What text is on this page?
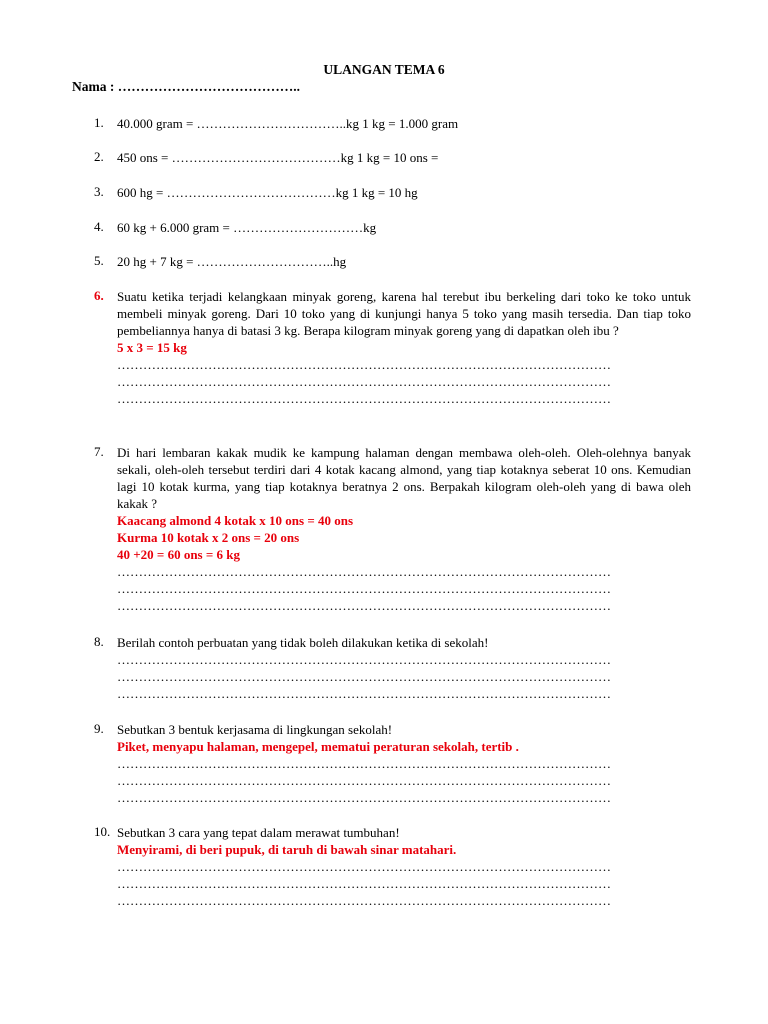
ULANGAN TEMA 6
Nama : …………………………………..
1.	40.000 gram = ……………………………..kg 1 kg = 1.000 gram
2.	450 ons = …………………………………kg 1 kg = 10 ons =
3.	600 hg = …………………………………kg 1 kg = 10 hg
4.	60 kg + 6.000 gram = …………………………kg
5.	20 hg + 7 kg = …………………………..hg
6.	Suatu ketika terjadi kelangkaan minyak goreng, karena hal terebut ibu berkeling dari toko ke toko untuk membeli minyak goreng. Dari 10 toko yang di kunjungi hanya 5 toko yang masih tersedia. Dan tiap toko pembeliannya hanya di batasi 3 kg. Berapa kilogram minyak goreng yang di dapatkan oleh ibu ?
5 x 3 = 15 kg
……………………………………………………………………………………………………
……………………………………………………………………………………………………
……………………………………………………………………………………………………
7.	Di hari lembaran kakak mudik ke kampung halaman dengan membawa oleh-oleh. Oleh-olehnya banyak sekali, oleh-oleh tersebut terdiri dari 4 kotak kacang almond, yang tiap kotaknya seberat 10 ons. Kemudian lagi 10 kotak kurma, yang tiap kotaknya beratnya 2 ons. Berpakah kilogram oleh-oleh yang di bawa oleh kakak ?
Kaacang almond 4 kotak x 10 ons = 40 ons
Kurma 10 kotak x 2 ons = 20 ons
40 +20 = 60 ons = 6 kg
……………………………………………………………………………………………………
……………………………………………………………………………………………………
……………………………………………………………………………………………………
8.	Berilah contoh perbuatan yang tidak boleh dilakukan ketika di sekolah!
……………………………………………………………………………………………………
……………………………………………………………………………………………………
……………………………………………………………………………………………………
9.	Sebutkan 3 bentuk kerjasama di lingkungan sekolah!
Piket, menyapu halaman, mengepel, mematui peraturan sekolah, tertib .
……………………………………………………………………………………………………
……………………………………………………………………………………………………
……………………………………………………………………………………………………
10. Sebutkan 3 cara yang tepat dalam merawat tumbuhan!
Menyirami, di beri pupuk, di taruh di bawah sinar matahari.
……………………………………………………………………………………………………
……………………………………………………………………………………………………
……………………………………………………………………………………………………
